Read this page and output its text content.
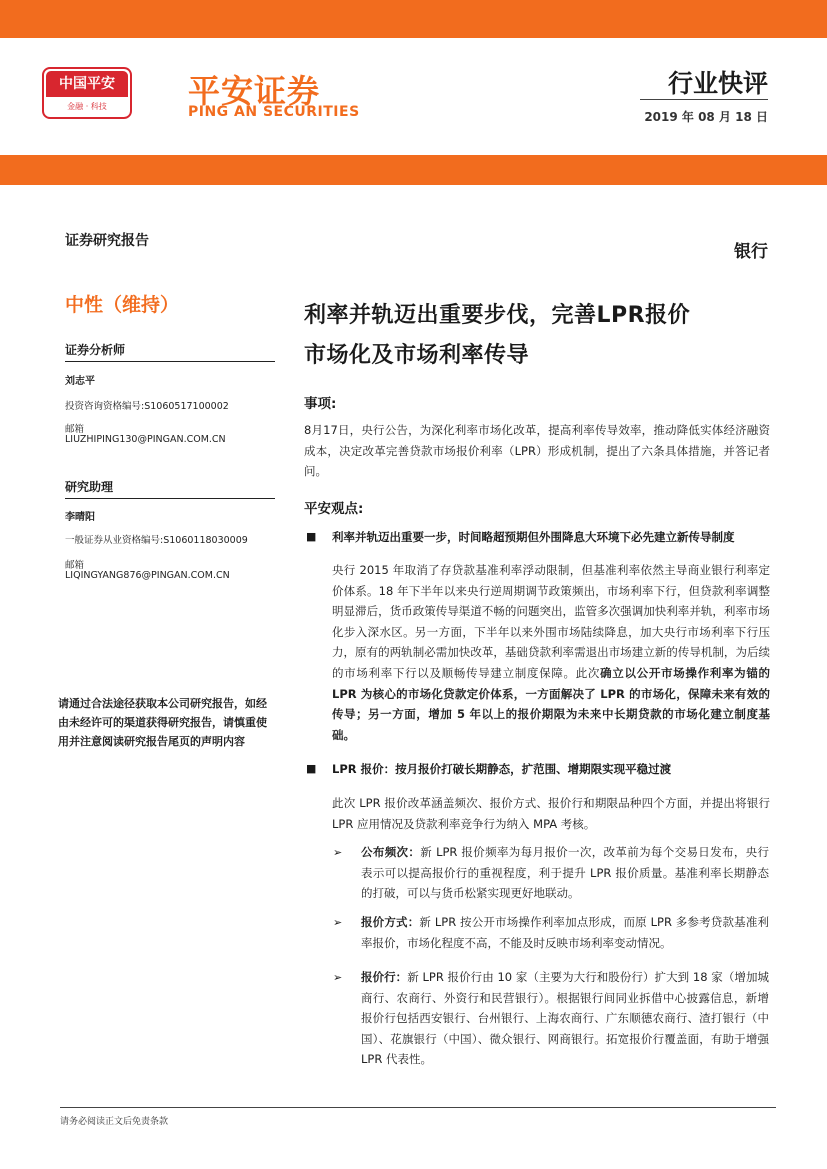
中国平安
金融 · 科技	平安证券
PING AN SECURITIES
行业快评
2019 年 08 月 18 日
证券研究报告
银行
中性（维持）
证券分析师
刘志平
投资咨询资格编号:S1060517100002
邮箱
LIUZHIPING130@PINGAN.COM.CN
研究助理
李晴阳
一般证券从业资格编号:S1060118030009
邮箱
LIQINGYANG876@PINGAN.COM.CN
请通过合法途径获取本公司研究报告，如经由未经许可的渠道获得研究报告，请慎重使用并注意阅读研究报告尾页的声明内容
利率并轨迈出重要步伐，完善LPR报价
市场化及市场利率传导
事项:
8月17日，央行公告，为深化利率市场化改革，提高利率传导效率，推动降低实体经济融资成本，决定改革完善贷款市场报价利率（LPR）形成机制，提出了六条具体措施，并答记者问。
平安观点:
■ 利率并轨迈出重要一步，时间略超预期但外围降息大环境下必先建立新传导制度
央行 2015 年取消了存贷款基准利率浮动限制，但基准利率依然主导商业银行利率定价体系。18 年下半年以来央行逆周期调节政策频出，市场利率下行，但贷款利率调整明显滞后，货币政策传导渠道不畅的问题突出，监管多次强调加快利率并轨，利率市场化步入深水区。另一方面，下半年以来外围市场陆续降息，加大央行市场利率下行压力，原有的两轨制必需加快改革，基础贷款利率需退出市场建立新的传导机制，为后续的市场利率下行以及顺畅传导建立制度保障。此次确立以公开市场操作利率为锚的 LPR 为核心的市场化贷款定价体系，一方面解决了 LPR 的市场化，保障未来有效的传导；另一方面，增加 5 年以上的报价期限为未来中长期贷款的市场化建立制度基础。
■ LPR 报价：按月报价打破长期静态，扩范围、增期限实现平稳过渡
此次 LPR 报价改革涵盖频次、报价方式、报价行和期限品种四个方面，并提出将银行 LPR 应用情况及贷款利率竞争行为纳入 MPA 考核。
➢ 公布频次：新 LPR 报价频率为每月报价一次，改革前为每个交易日发布，央行表示可以提高报价行的重视程度，利于提升 LPR 报价质量。基准利率长期静态的打破，可以与货币松紧实现更好地联动。
➢ 报价方式：新 LPR 按公开市场操作利率加点形成，而原 LPR 多参考贷款基准利率报价，市场化程度不高，不能及时反映市场利率变动情况。
➢ 报价行：新 LPR 报价行由 10 家（主要为大行和股份行）扩大到 18 家（增加城商行、农商行、外资行和民营银行）。根据银行间同业拆借中心披露信息，新增报价行包括西安银行、台州银行、上海农商行、广东顺德农商行、渣打银行（中国）、花旗银行（中国）、微众银行、网商银行。拓宽报价行覆盖面，有助于增强 LPR 代表性。
请务必阅读正文后免责条款
